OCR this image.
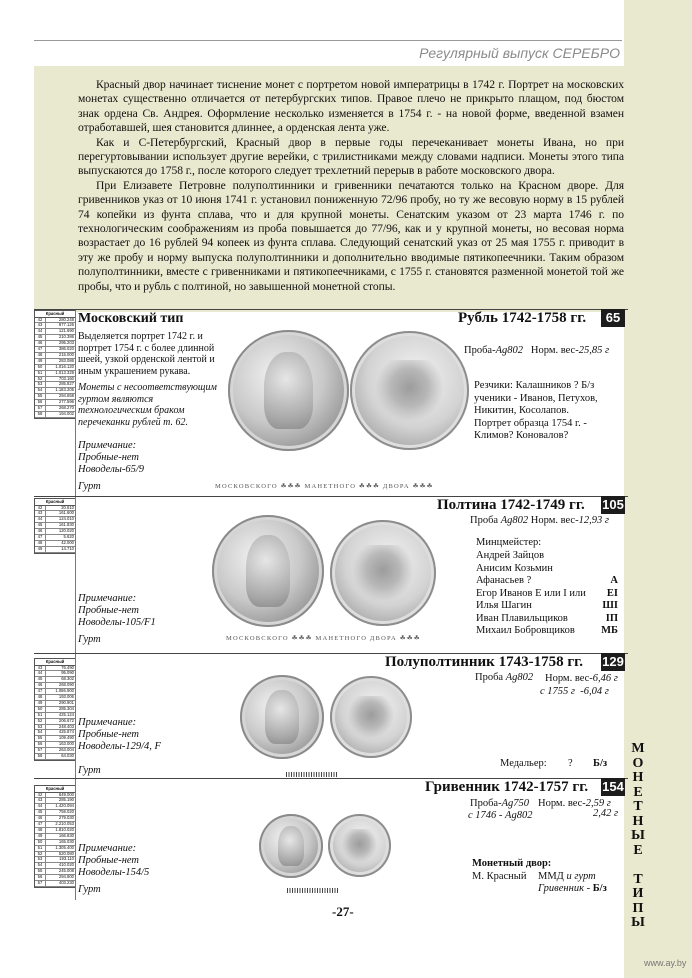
М
О
Н
Е
Т
Н
Ы
Е

Т
И
П
Ы
www.ay.by
Регулярный выпуск СЕРЕБРО

Красный двор начинает тиснение монет с портретом новой императрицы в 1742 г. Портрет на московских монетах существенно отличается от петербургских типов. Правое плечо не прикрыто плащом, под бюстом знак ордена Св. Андрея. Оформление несколько изменяется в 1754 г. - на новой форме, введенной взамен отработавшей, шея становится длиннее, а орденская лента уже.

Как и С-Петербургский, Красный двор в первые годы перечеканивает монеты Ивана, но при перегуртовывании использует другие верейки, с трилистниками между словами надписи. Монеты этого типа выпускаются до 1758 г., после которого следует трехлетний перерыв в работе московского двора.

При Елизавете Петровне полуполтинники и гривенники печатаются только на Красном дворе. Для гривенников указ от 10 июня 1741 г. установил пониженную 72/96 пробу, но ту же весовую норму в 15 рублей 74 копейки из фунта сплава, что и для крупной монеты. Сенатским указом от 23 марта 1746 г. по технологическим соображениям из проба повышается до 77/96, как и у крупной монеты, но весовая норма возрастает до 16 рублей 94 копеек из фунта сплава. Следующий сенатский указ от 25 мая 1755 г. приводит в эту же пробу и норму выпуска полуполтинники и дополнительно вводимые пятикопеечники. Таким образом полуполтинники, вместе с гривенниками и пятикопеечниками, с 1755 г. становятся разменной монетой той же пробы, что и рубль с полтиной, но завышенной монетной стопы.

Красный
42	280.248
43	877.126
44	121.690
45	210.386
46	295.203
47	386.020
48	215.000
49	283.086
50	1.016.120
51	1.013.329
52	703.160
53	285.827
54	1.183.205
55	294.658
56	277.596
57	268.270
58	194.002
Красный
42	20.610
43	161.600
44	124.010
45	161.830
46	120.020
47	5.620
48	42.000
49	14.710
Красный
43	76.490
44	95.090
45	68.302
46	268.090
47	1.086.900
48	193.006
49	290.901
50	285.304
51	425.124
52	206.672
53	248.403
54	425.874
55	109.490
56	163.000
57	263.004
58	64.030
Красный
42	649.000
43	285.190
44	1.420.094
45	759.020
46	279.030
47	2.210.053
48	1.810.020
49	166.830
50	165.030
51	1.305.400
52	520.080
53	193.110
54	410.020
55	245.008
56	294.800
57	403.230
Московский тип	Рубль 1742-1758 гг.	65
Выделяется портрет 1742 г. и портрет 1754 г. с более длинной шеей, узкой орденской лентой и иным украшением рукава.
Монеты с несоответствующим гуртом являются технологическим браком перечеканки рублей т. 62.
Примечание:
Пробные-нет
Новоделы-65/9
Гурт	МОСКОВСКОГО ☘☘☘ МАНЕТНОГО ☘☘☘ ДВОРА ☘☘☘
Проба-Ag802 Норм. вес-25,85 г
Резчики: Калашников ? Б/з
ученики - Иванов, Петухов,
Никитин, Косолапов.
Портрет образца 1754 г. -
Климов? Коновалов?
Полтина 1742-1749 гг. 105
Проба Ag802 Норм. вес-12,93 г
МОСКОВСКОГО ☘☘☘ МАНЕТНОГО ДВОРА ☘☘☘
Примечание:
Пробные-нет
Новоделы-105/F1
Гурт
Минцмейстер:
Андрей Зайцов
Анисим Козьмин
Афанасьев ?	А
Егор Иванов Е или I или ЕI
Илья Шагин	ШI
Иван Плавильщиков	IП
Михаил Бобровщиков	МБ
Полуполтинник 1743-1758 гг. 129
Проба Ag802 Норм. вес-6,46 г
с 1755 г -6,04 г
Примечание:
Пробные-нет
Новоделы-129/4, F
Гурт
Медальер: ? Б/з
Гривенник 1742-1757 гг. 154
Проба-Ag750 Норм. вес-2,59 г
с 1746 - Ag802	2,42 г
Примечание:
Пробные-нет
Новоделы-154/5
Гурт
Монетный двор:
М. Красный ММД и гурт
Гривенник - Б/з
-27-
